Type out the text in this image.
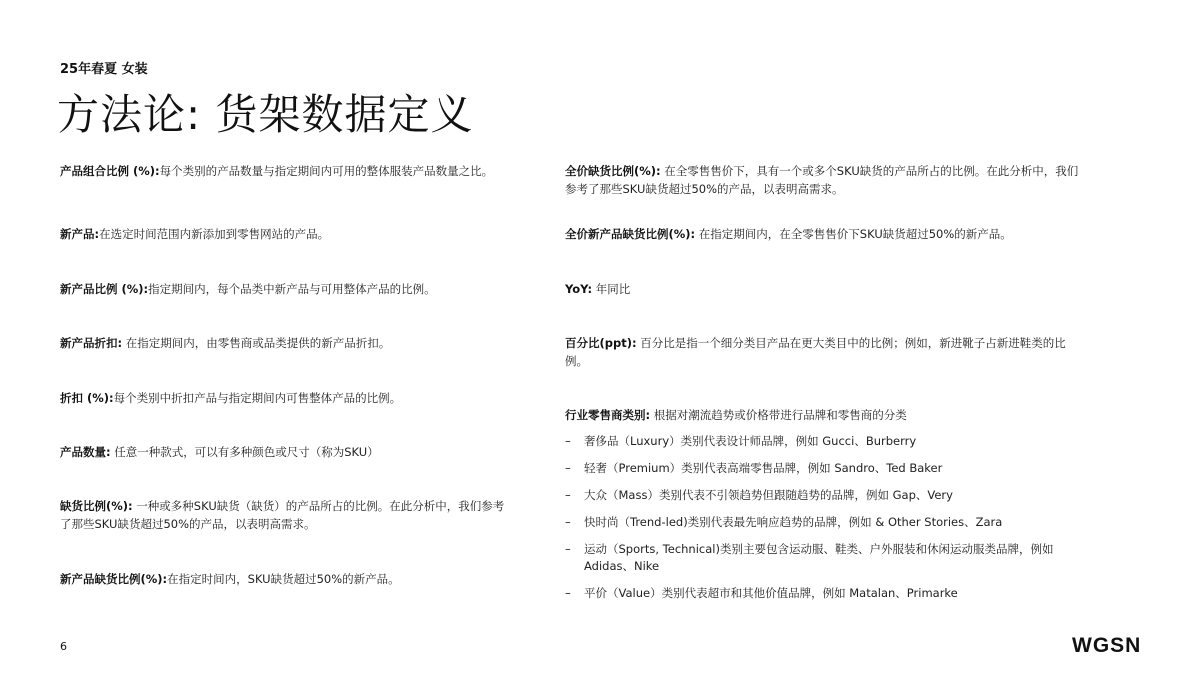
25年春夏 女装
方法论: 货架数据定义
产品组合比例 (%):每个类别的产品数量与指定期间内可用的整体服装产品数量之比。
新产品:在选定时间范围内新添加到零售网站的产品。
新产品比例 (%):指定期间内，每个品类中新产品与可用整体产品的比例。
新产品折扣: 在指定期间内，由零售商或品类提供的新产品折扣。
折扣 (%):每个类别中折扣产品与指定期间内可售整体产品的比例。
产品数量: 任意一种款式，可以有多种颜色或尺寸（称为SKU）
缺货比例(%): 一种或多种SKU缺货（缺货）的产品所占的比例。在此分析中，我们参考了那些SKU缺货超过50%的产品，以表明高需求。
新产品缺货比例(%):在指定时间内，SKU缺货超过50%的新产品。
全价缺货比例(%): 在全零售售价下，具有一个或多个SKU缺货的产品所占的比例。在此分析中，我们参考了那些SKU缺货超过50%的产品，以表明高需求。
全价新产品缺货比例(%): 在指定期间内，在全零售售价下SKU缺货超过50%的新产品。
YoY: 年同比
百分比(ppt): 百分比是指一个细分类目产品在更大类目中的比例；例如，新进靴子占新进鞋类的比例。
行业零售商类别: 根据对潮流趋势或价格带进行品牌和零售商的分类
– 奢侈品（Luxury）类别代表设计师品牌，例如 Gucci、Burberry
– 轻奢（Premium）类别代表高端零售品牌，例如 Sandro、Ted Baker
– 大众（Mass）类别代表不引领趋势但跟随趋势的品牌，例如 Gap、Very
– 快时尚（Trend-led)类别代表最先响应趋势的品牌，例如 & Other Stories、Zara
– 运动（Sports, Technical)类别主要包含运动服、鞋类、户外服装和休闲运动服类品牌，例如 Adidas、Nike
– 平价（Value）类别代表超市和其他价值品牌，例如 Matalan、Primarke
6	WGSN
